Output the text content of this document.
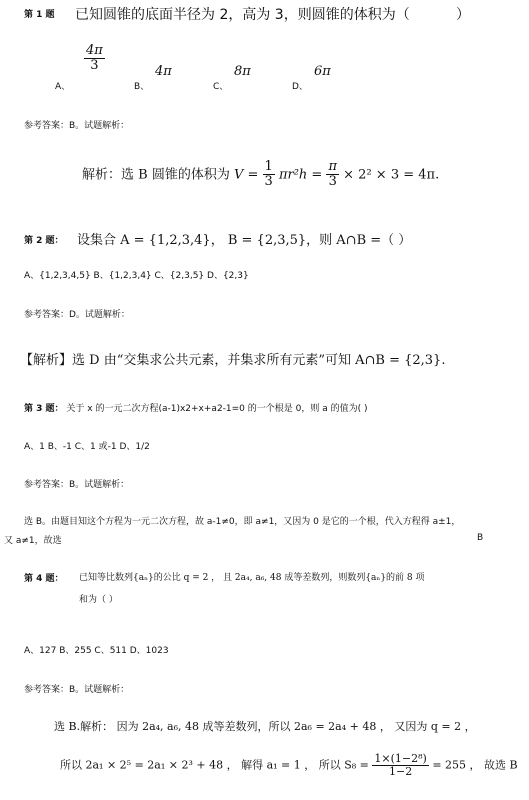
第 1 题 已知圆锥的底面半径为 2，高为 3，则圆锥的体积为（	）
A、
$\frac{4\pi}{3}$
B、
4π
C、
8π
D、
6π
参考答案：B。试题解析：
解析：选 B 圆锥的体积为 $V = \frac{1}{3} \pi r^2h = \frac{\pi}{3} \times 2^2 \times 3 = 4\pi$.
第 2 题： 设集合 A = {1,2,3,4}， B = {2,3,5}，则 A∩B =（ ）
A、{1,2,3,4,5} B、{1,2,3,4} C、{2,3,5} D、{2,3}
参考答案：D。试题解析：
【解析】选 D 由“交集求公共元素，并集求所有元素”可知 A∩B = {2,3}.
第 3 题： 关于 x 的一元二次方程(a-1)x2+x+a2-1=0 的一个根是 0，则 a 的值为( )
A、1 B、-1 C、1 或-1 D、1/2
参考答案：B。试题解析：
选 B。由题目知这个方程为一元二次方程，故 a-1≠0，即 a≠1，又因为 0 是它的一个根，代入方程得 a±1，
又 a≠1，故选	B
第 4 题： 已知等比数列{aₙ}的公比 q = 2 ， 且 2a₄, a₆, 48 成等差数列，则数列{aₙ}的前 8 项
和为（ ）
A、127 B、255 C、511 D、1023
参考答案：B。试题解析：
选 B.解析： 因为 2a₄, a₆, 48 成等差数列，所以 2a₆ = 2a₄ + 48 ， 又因为 q = 2 ，
所以 2a₁ × 2⁵ = 2a₁ × 2³ + 48 ， 解得 a₁ = 1 ， 所以 $S_8 = \frac{\text{1×(1−2⁸)}}{1-2} = 255$ ， 故选 B
